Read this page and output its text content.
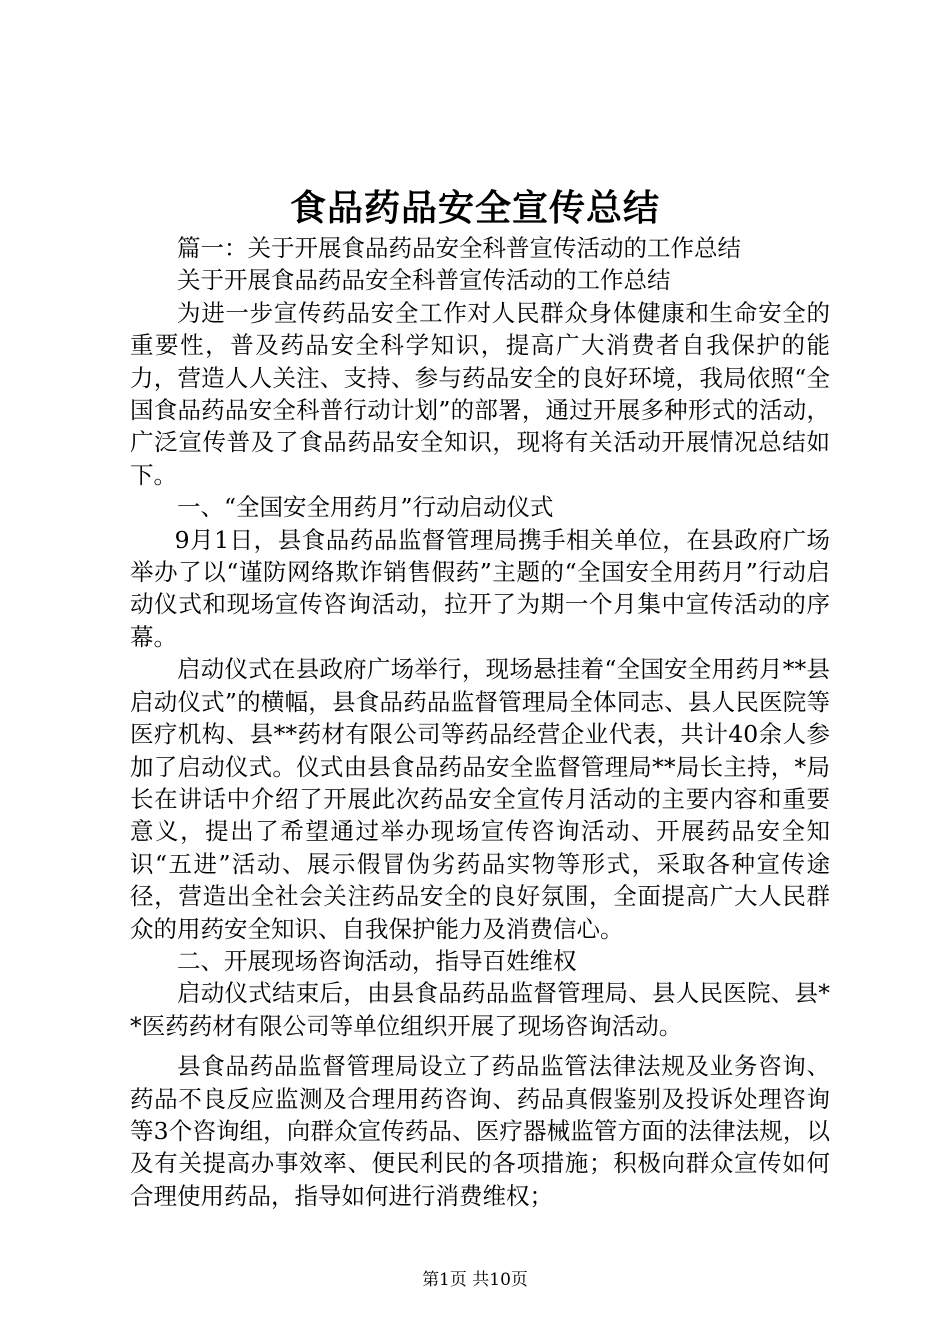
食品药品安全宣传总结

篇一：关于开展食品药品安全科普宣传活动的工作总结

关于开展食品药品安全科普宣传活动的工作总结

为进一步宣传药品安全工作对人民群众身体健康和生命安全的重要性，普及药品安全科学知识，提高广大消费者自我保护的能力，营造人人关注、支持、参与药品安全的良好环境，我局依照“全国食品药品安全科普行动计划”的部署，通过开展多种形式的活动，广泛宣传普及了食品药品安全知识，现将有关活动开展情况总结如下。

一、“全国安全用药月”行动启动仪式

9月1日，县食品药品监督管理局携手相关单位，在县政府广场举办了以“谨防网络欺诈销售假药”主题的“全国安全用药月”行动启动仪式和现场宣传咨询活动，拉开了为期一个月集中宣传活动的序幕。

启动仪式在县政府广场举行，现场悬挂着“全国安全用药月**县启动仪式”的横幅，县食品药品监督管理局全体同志、县人民医院等医疗机构、县**药材有限公司等药品经营企业代表，共计40余人参加了启动仪式。仪式由县食品药品安全监督管理局**局长主持，*局长在讲话中介绍了开展此次药品安全宣传月活动的主要内容和重要意义，提出了希望通过举办现场宣传咨询活动、开展药品安全知识“五进”活动、展示假冒伪劣药品实物等形式，采取各种宣传途径，营造出全社会关注药品安全的良好氛围，全面提高广大人民群众的用药安全知识、自我保护能力及消费信心。

二、开展现场咨询活动，指导百姓维权

启动仪式结束后，由县食品药品监督管理局、县人民医院、县**医药药材有限公司等单位组织开展了现场咨询活动。

县食品药品监督管理局设立了药品监管法律法规及业务咨询、药品不良反应监测及合理用药咨询、药品真假鉴别及投诉处理咨询等3个咨询组，向群众宣传药品、医疗器械监管方面的法律法规，以及有关提高办事效率、便民利民的各项措施；积极向群众宣传如何合理使用药品，指导如何进行消费维权；

第1页 共10页
